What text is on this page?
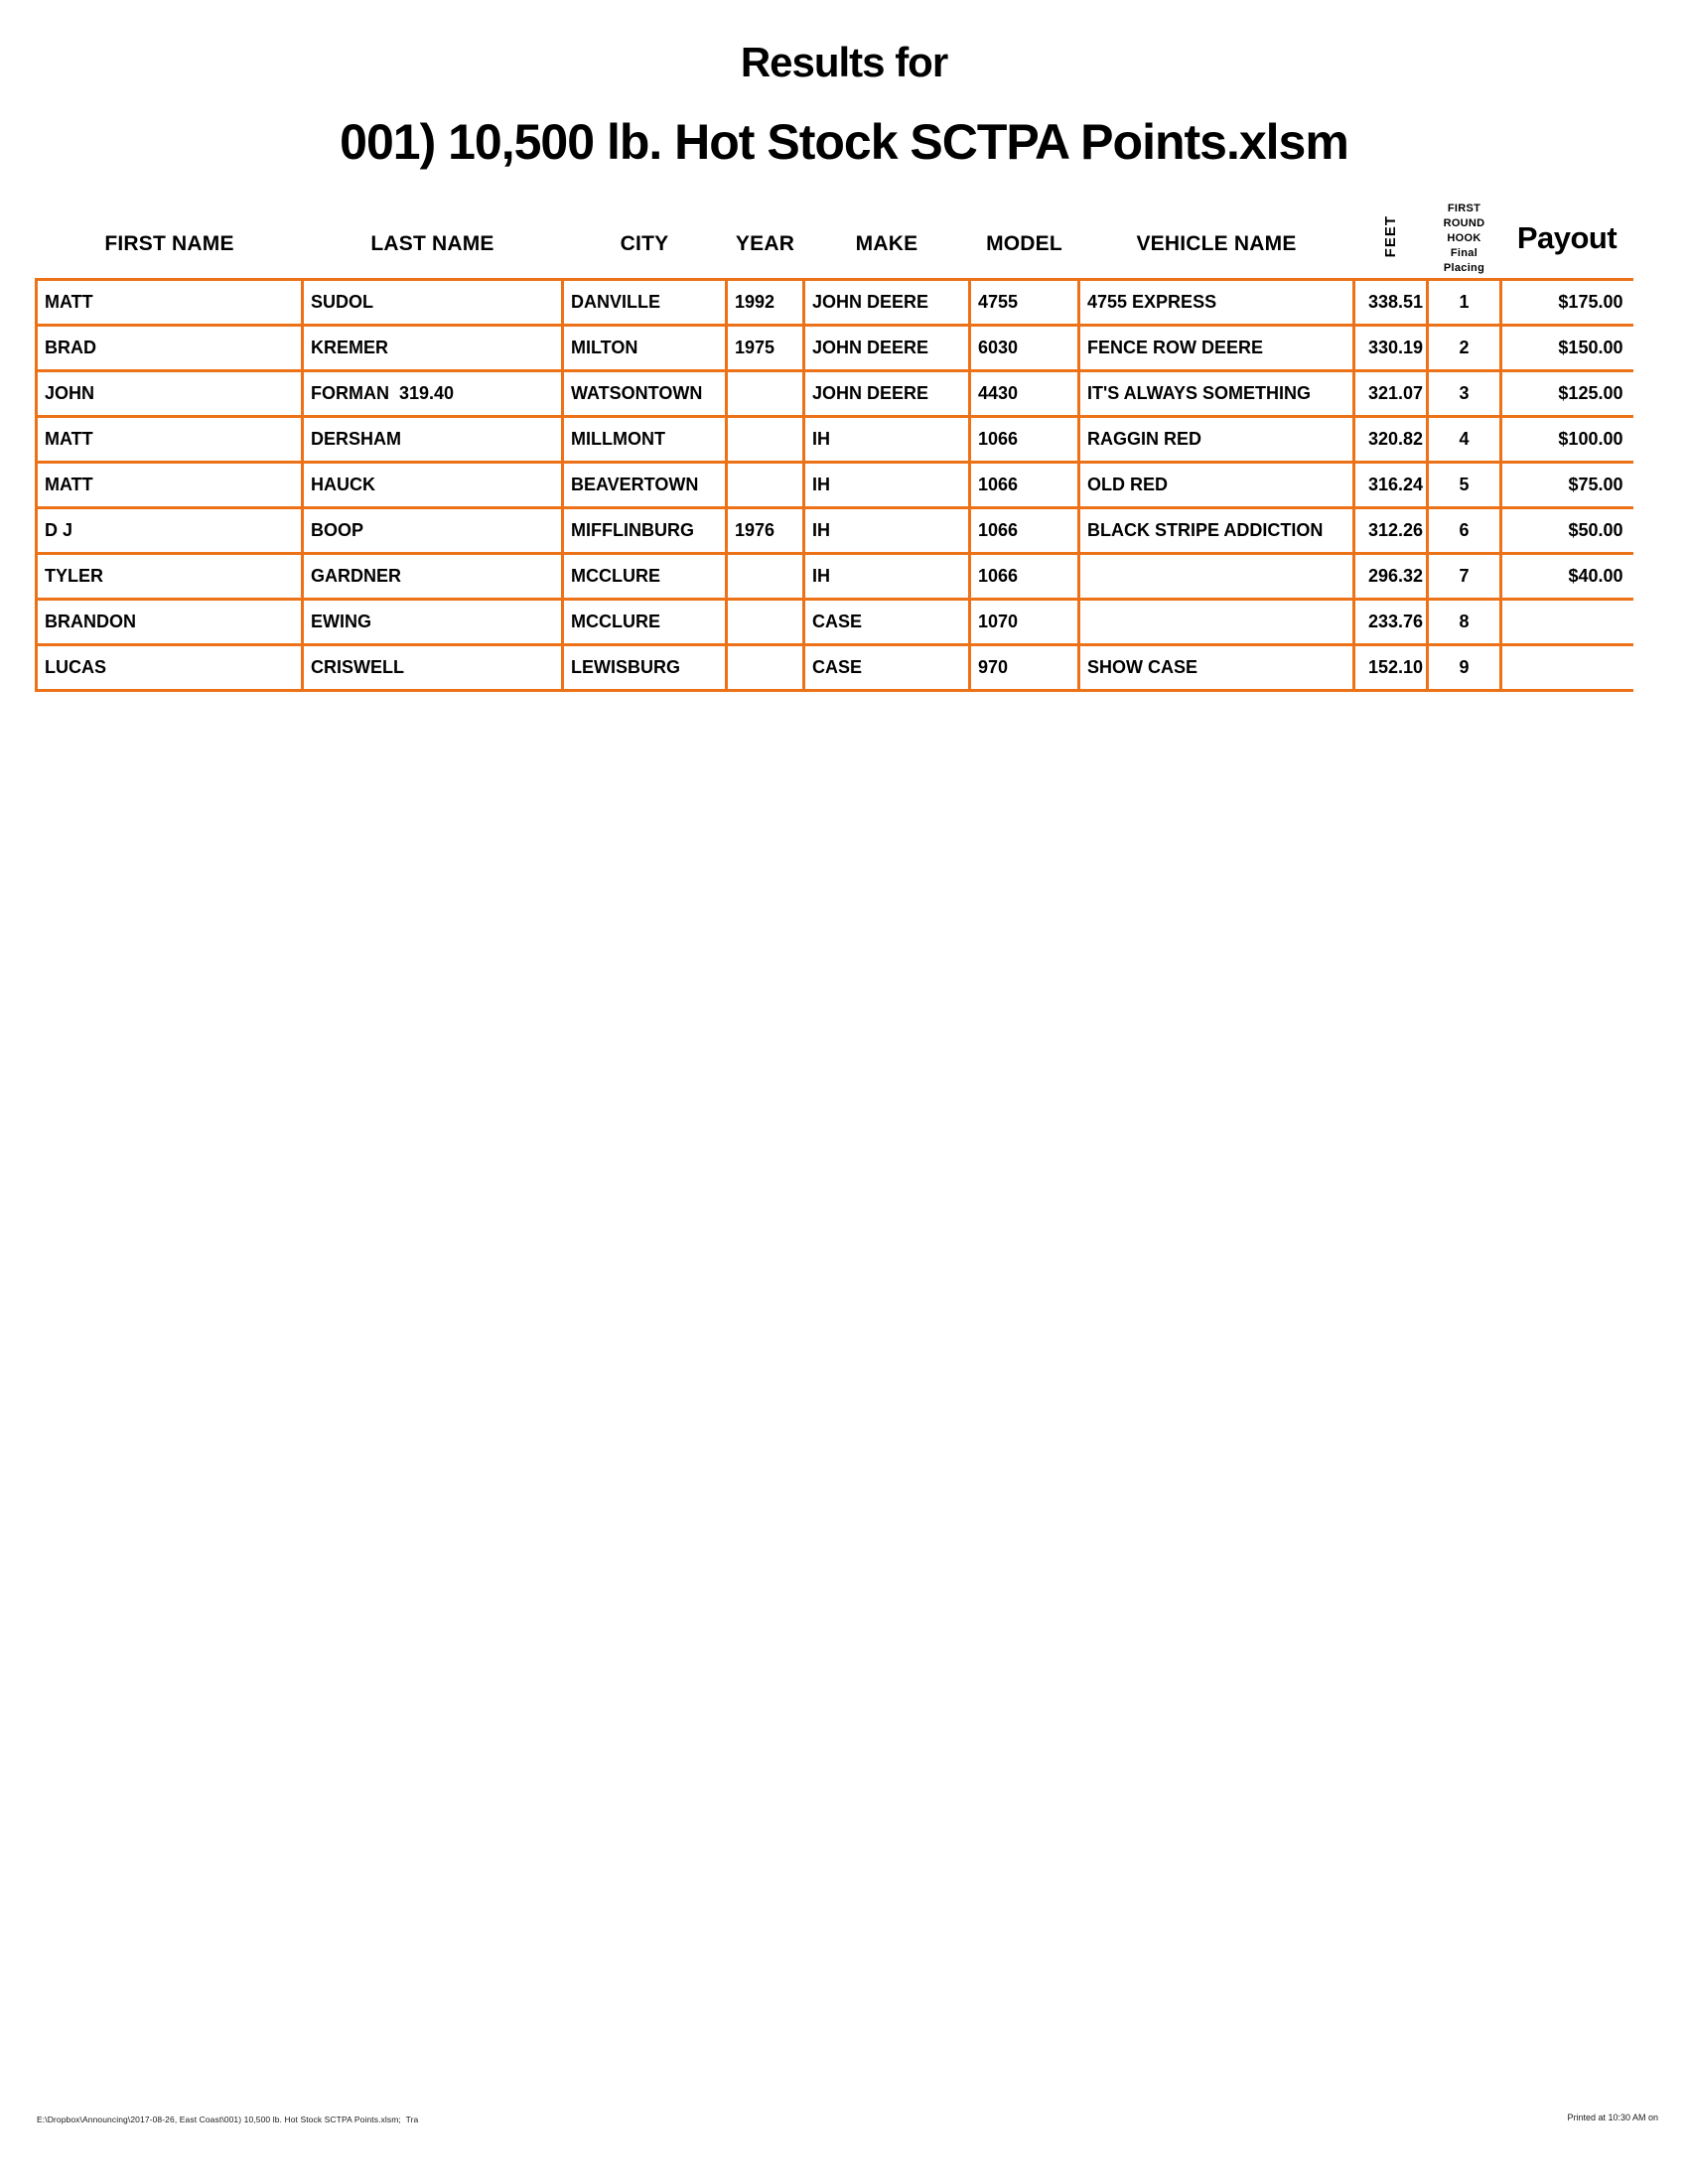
Results for
001) 10,500 lb. Hot Stock SCTPA Points.xlsm
FIRST NAME	LAST NAME	CITY	YEAR	MAKE	MODEL	VEHICLE NAME	FEET	FIRST
ROUND
HOOK
Final
Placing	Payout
MATT	SUDOL	DANVILLE	1992	JOHN DEERE	4755	4755 EXPRESS	338.51	1	$175.00
BRAD	KREMER	MILTON	1975	JOHN DEERE	6030	FENCE ROW DEERE	330.19	2	$150.00
JOHN	FORMAN  319.40	WATSONTOWN		JOHN DEERE	4430	IT'S ALWAYS SOMETHING	321.07	3	$125.00
MATT	DERSHAM	MILLMONT		IH	1066	RAGGIN RED	320.82	4	$100.00
MATT	HAUCK	BEAVERTOWN		IH	1066	OLD RED	316.24	5	$75.00
D J	BOOP	MIFFLINBURG	1976	IH	1066	BLACK STRIPE ADDICTION	312.26	6	$50.00
TYLER	GARDNER	MCCLURE		IH	1066		296.32	7	$40.00
BRANDON	EWING	MCCLURE		CASE	1070		233.76	8	
LUCAS	CRISWELL	LEWISBURG		CASE	970	SHOW CASE	152.10	9	
E:\Dropbox\Announcing\2017-08-26, East Coast\001) 10,500 lb. Hot Stock SCTPA Points.xlsm;  Tra	Printed at 10:30 AM on
